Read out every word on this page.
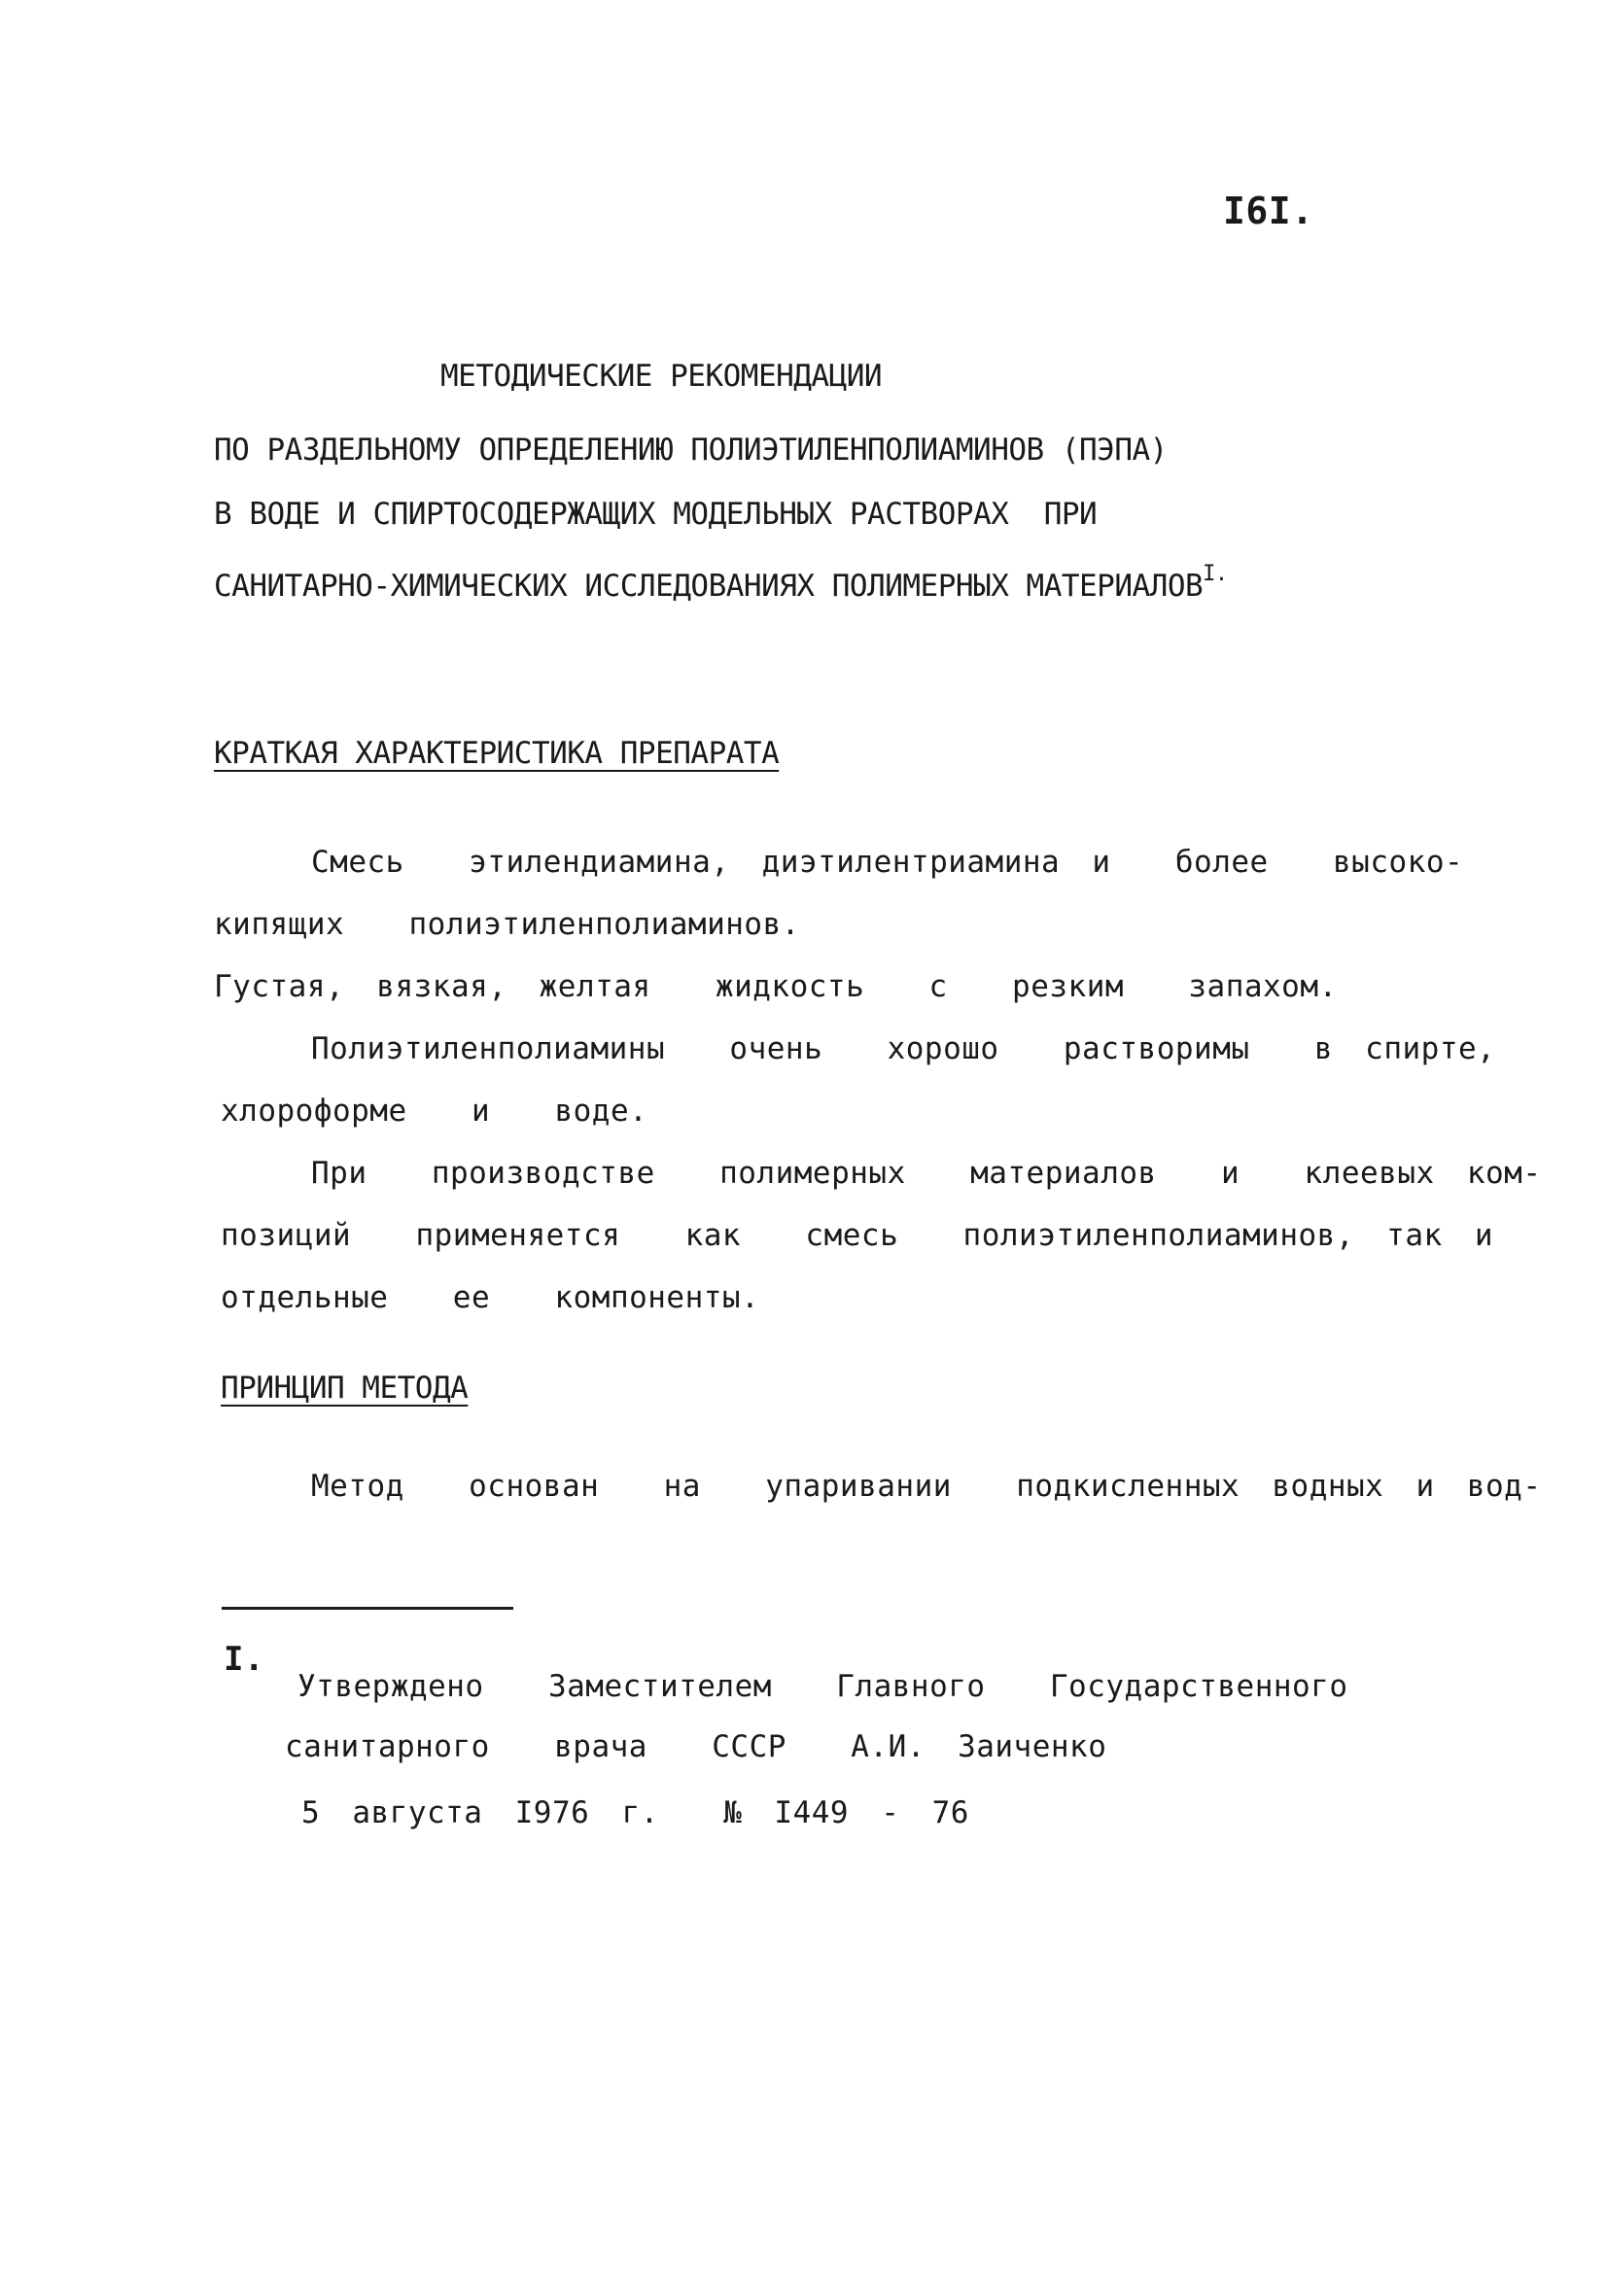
I6I.
МЕТОДИЧЕСКИЕ РЕКОМЕНДАЦИИ
ПО РАЗДЕЛЬНОМУ ОПРЕДЕЛЕНИЮ ПОЛИЭТИЛЕНПОЛИАМИНОВ (ПЭПА)
В ВОДЕ И СПИРТОСОДЕРЖАЩИХ МОДЕЛЬНЫХ РАСТВОРАХ  ПРИ
САНИТАРНО-ХИМИЧЕСКИХ ИССЛЕДОВАНИЯХ ПОЛИМЕРНЫХ МАТЕРИАЛОВ$^{I.}$
КРАТКАЯ ХАРАКТЕРИСТИКА ПРЕПАРАТА
Смесь  этилендиамина, диэтилентриамина и  более  высоко-
кипящих  полиэтиленполиаминов.
Густая, вязкая, желтая  жидкость  с  резким  запахом.
Полиэтиленполиамины  очень  хорошо  растворимы  в спирте,
хлороформе  и  воде.
При  производстве  полимерных  материалов  и  клеевых ком-
позиций  применяется  как  смесь  полиэтиленполиаминов, так и
отдельные  ее  компоненты.
ПРИНЦИП МЕТОДА
Метод  основан  на  упаривании  подкисленных водных и вод-
I.
Утверждено  Заместителем  Главного  Государственного
санитарного  врача  СССР  А.И. Заиченко
5 августа I976 г.  № I449 - 76
